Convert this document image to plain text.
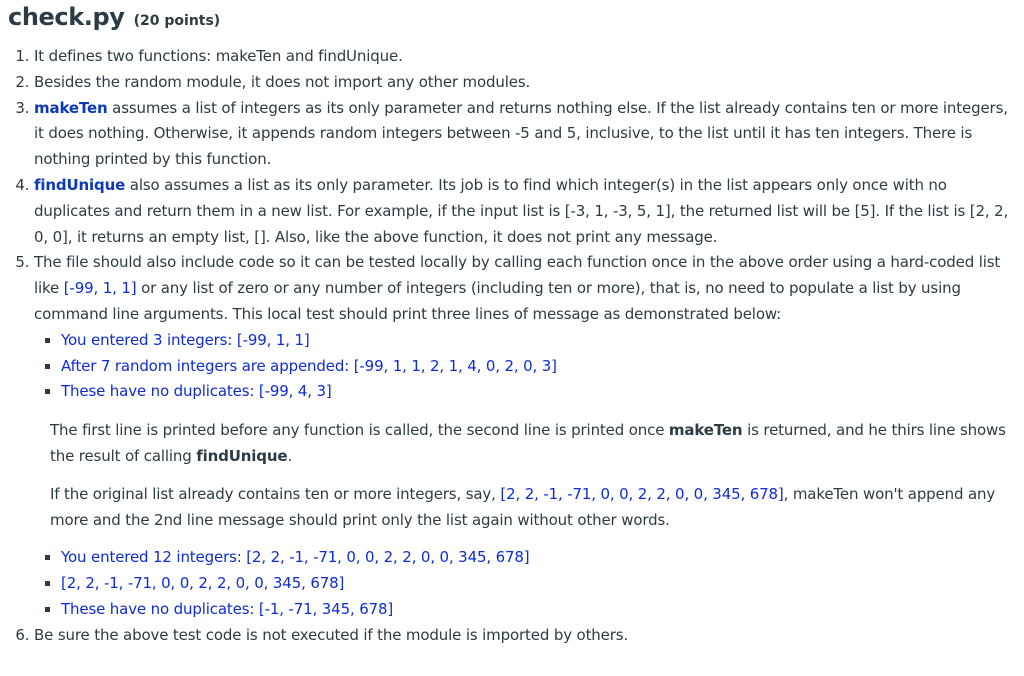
check.py (20 points)
1. It defines two functions: makeTen and findUnique.
2. Besides the random module, it does not import any other modules.
3. makeTen assumes a list of integers as its only parameter and returns nothing else. If the list already contains ten or more integers, it does nothing. Otherwise, it appends random integers between -5 and 5, inclusive, to the list until it has ten integers. There is nothing printed by this function.
4. findUnique also assumes a list as its only parameter. Its job is to find which integer(s) in the list appears only once with no duplicates and return them in a new list. For example, if the input list is [-3, 1, -3, 5, 1], the returned list will be [5]. If the list is [2, 2, 0, 0], it returns an empty list, []. Also, like the above function, it does not print any message.
5. The file should also include code so it can be tested locally by calling each function once in the above order using a hard-coded list like [-99, 1, 1] or any list of zero or any number of integers (including ten or more), that is, no need to populate a list by using command line arguments. This local test should print three lines of message as demonstrated below:
You entered 3 integers: [-99, 1, 1]
After 7 random integers are appended: [-99, 1, 1, 2, 1, 4, 0, 2, 0, 3]
These have no duplicates: [-99, 4, 3]
The first line is printed before any function is called, the second line is printed once makeTen is returned, and he thirs line shows the result of calling findUnique.
If the original list already contains ten or more integers, say, [2, 2, -1, -71, 0, 0, 2, 2, 0, 0, 345, 678], makeTen won't append any more and the 2nd line message should print only the list again without other words.
You entered 12 integers: [2, 2, -1, -71, 0, 0, 2, 2, 0, 0, 345, 678]
[2, 2, -1, -71, 0, 0, 2, 2, 0, 0, 345, 678]
These have no duplicates: [-1, -71, 345, 678]
6. Be sure the above test code is not executed if the module is imported by others.
